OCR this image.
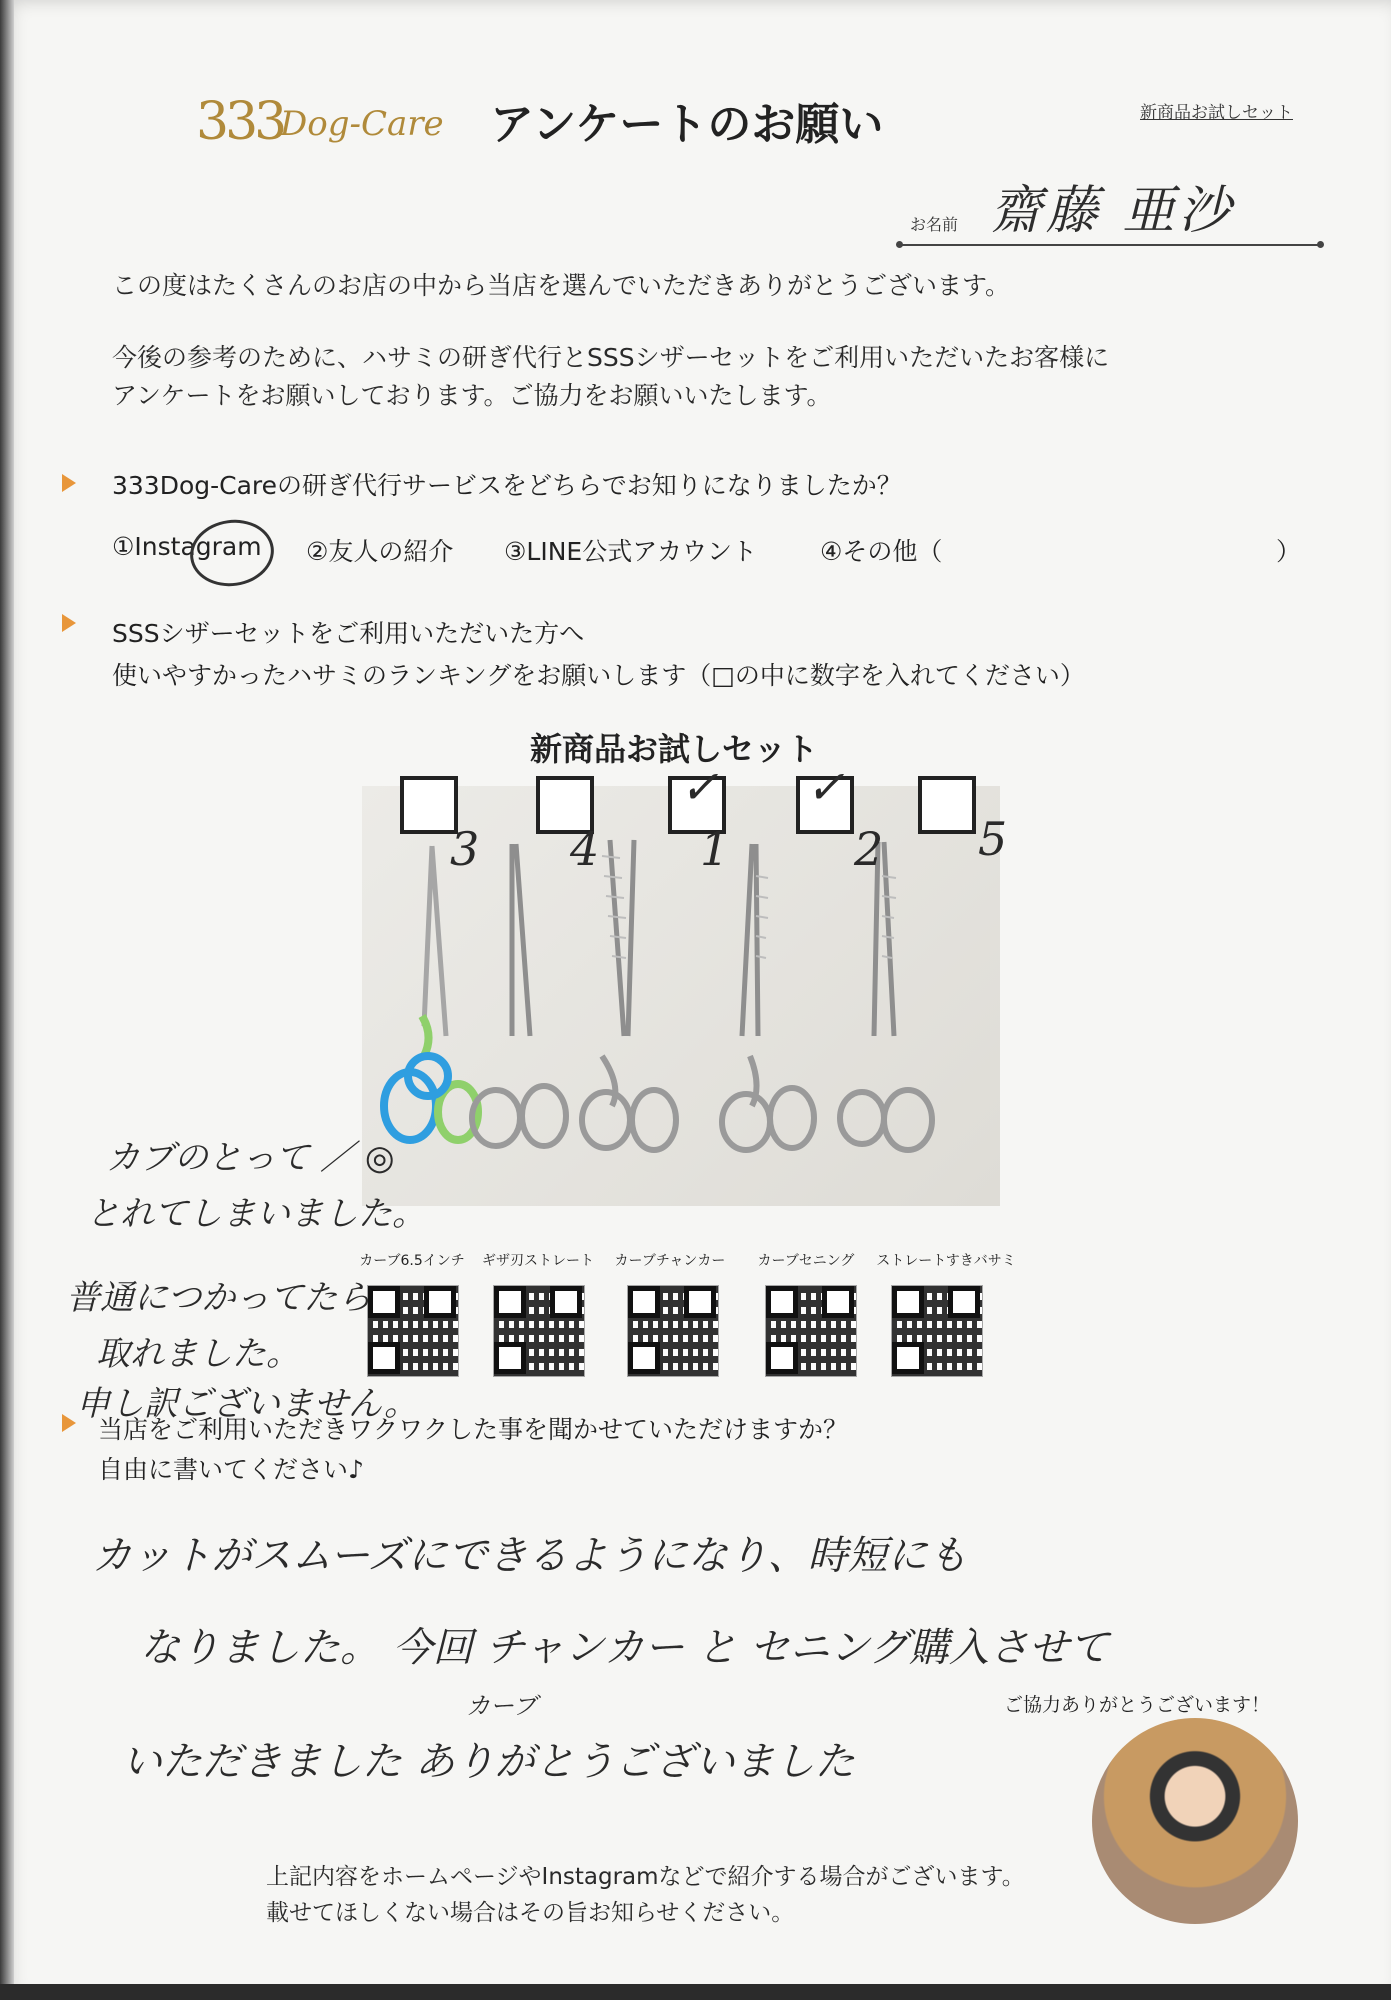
333
Dog-Care アンケートのお願い	新商品お試しセット
お名前 齋藤 亜沙
この度はたくさんのお店の中から当店を選んでいただきありがとうございます。
今後の参考のために、ハサミの研ぎ代行とSSSシザーセットをご利用いただいたお客様に
アンケートをお願いしております。ご協力をお願いいたします。
333Dog-Careの研ぎ代行サービスをどちらでお知りになりましたか？
①Instagram ②友人の紹介 ③LINE公式アカウント	④その他（	）
SSSシザーセットをご利用いただいた方へ
使いやすかったハサミのランキングをお願いします（□の中に数字を入れてください）
新商品お試しセット
✓ ✓
3 4 1	2 5
カーブ6.5インチ	ギザ刃ストレート	カーブチャンカー	カーブセニング	ストレートすきバサミ
カブのとって ／ ◎
とれてしまいました。
普通につかってたら
取れました。
申し訳ございません。
当店をご利用いただきワクワクした事を聞かせていただけますか？
自由に書いてください♪
カットがスムーズにできるようになり、時短にも
なりました。 今回 チャンカー と セニング購入させて
カーブ
いただきました ありがとうございました
ご協力ありがとうございます！
上記内容をホームページやInstagramなどで紹介する場合がございます。
載せてほしくない場合はその旨お知らせください。
